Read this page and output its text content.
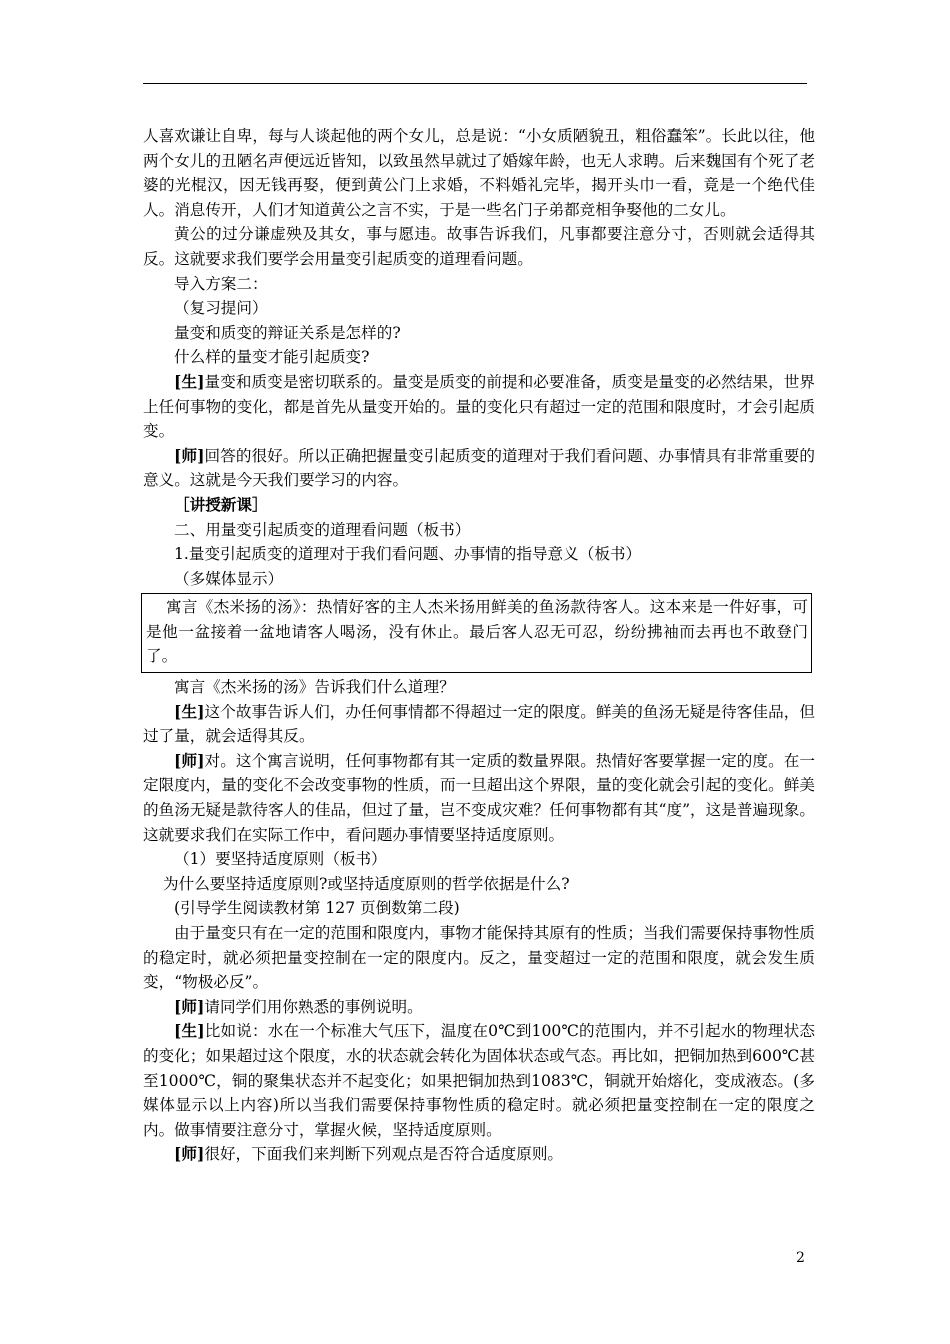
人喜欢谦让自卑，每与人谈起他的两个女儿，总是说：“小女质陋貌丑，粗俗蠢笨”。长此以往，他两个女儿的丑陋名声便远近皆知，以致虽然早就过了婚嫁年龄，也无人求聘。后来魏国有个死了老婆的光棍汉，因无钱再娶，便到黄公门上求婚，不料婚礼完毕，揭开头巾一看，竟是一个绝代佳人。消息传开，人们才知道黄公之言不实，于是一些名门子弟都竞相争娶他的二女儿。

黄公的过分谦虚殃及其女，事与愿违。故事告诉我们，凡事都要注意分寸，否则就会适得其反。这就要求我们要学会用量变引起质变的道理看问题。

导入方案二：

（复习提问）

量变和质变的辩证关系是怎样的?

什么样的量变才能引起质变?

[生]量变和质变是密切联系的。量变是质变的前提和必要准备，质变是量变的必然结果，世界上任何事物的变化，都是首先从量变开始的。量的变化只有超过一定的范围和限度时，才会引起质变。

[师]回答的很好。所以正确把握量变引起质变的道理对于我们看问题、办事情具有非常重要的意义。这就是今天我们要学习的内容。

［讲授新课］

二、用量变引起质变的道理看问题（板书）

1.量变引起质变的道理对于我们看问题、办事情的指导意义（板书）

（多媒体显示）

寓言《杰米扬的汤》：热情好客的主人杰米扬用鲜美的鱼汤款待客人。这本来是一件好事，可是他一盆接着一盆地请客人喝汤，没有休止。最后客人忍无可忍，纷纷拂袖而去再也不敢登门了。

寓言《杰米扬的汤》告诉我们什么道理？

[生]这个故事告诉人们，办任何事情都不得超过一定的限度。鲜美的鱼汤无疑是待客佳品，但过了量，就会适得其反。

[师]对。这个寓言说明，任何事物都有其一定质的数量界限。热情好客要掌握一定的度。在一定限度内，量的变化不会改变事物的性质，而一旦超出这个界限，量的变化就会引起的变化。鲜美的鱼汤无疑是款待客人的佳品，但过了量，岂不变成灾难？任何事物都有其“度”，这是普遍现象。这就要求我们在实际工作中，看问题办事情要坚持适度原则。

（1）要坚持适度原则（板书）

为什么要坚持适度原则?或坚持适度原则的哲学依据是什么?

(引导学生阅读教材第 127 页倒数第二段)

由于量变只有在一定的范围和限度内，事物才能保持其原有的性质；当我们需要保持事物性质的稳定时，就必须把量变控制在一定的限度内。反之，量变超过一定的范围和限度，就会发生质变，“物极必反”。

[师]请同学们用你熟悉的事例说明。

[生]比如说：水在一个标准大气压下，温度在0℃到100℃的范围内，并不引起水的物理状态的变化；如果超过这个限度，水的状态就会转化为固体状态或气态。再比如，把铜加热到600℃甚至1000℃，铜的聚集状态并不起变化；如果把铜加热到1083℃，铜就开始熔化，变成液态。(多媒体显示以上内容)所以当我们需要保持事物性质的稳定时。就必须把量变控制在一定的限度之内。做事情要注意分寸，掌握火候，坚持适度原则。

[师]很好，下面我们来判断下列观点是否符合适度原则。

2
